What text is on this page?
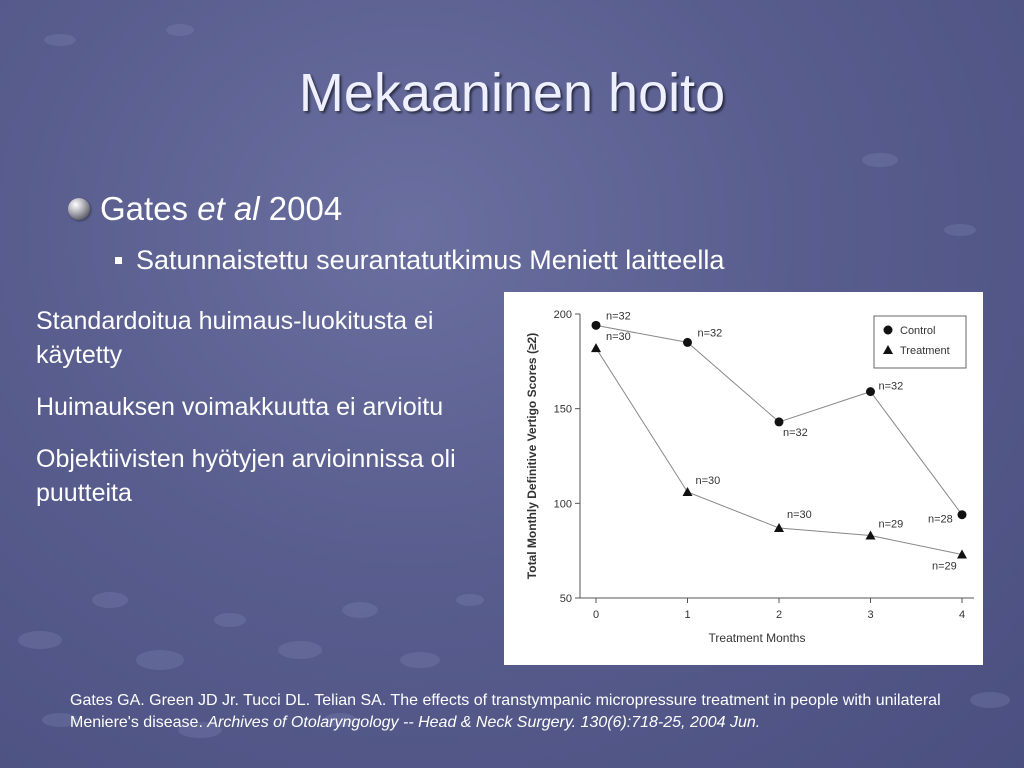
Mekaaninen hoito
Gates et al 2004
Satunnaistettu seurantatutkimus Meniett laitteella

Standardoitua huimaus-luokitusta ei käytetty

Huimauksen voimakkuutta ei arvioitu

Objektiivisten hyötyjen arvioinnissa oli puutteita

50
100
150
200
0	1	2	3	4
Treatment Months
Total Monthly Definitive Vertigo Scores (≥2)
n=32
n=32
n=32
n=32
n=28
n=30
n=30
n=30
n=29
n=29
Control
Treatment
Gates GA. Green JD Jr. Tucci DL. Telian SA. The effects of transtympanic micropressure treatment in people with unilateral Meniere's disease. Archives of Otolaryngology -- Head & Neck Surgery. 130(6):718-25, 2004 Jun.
